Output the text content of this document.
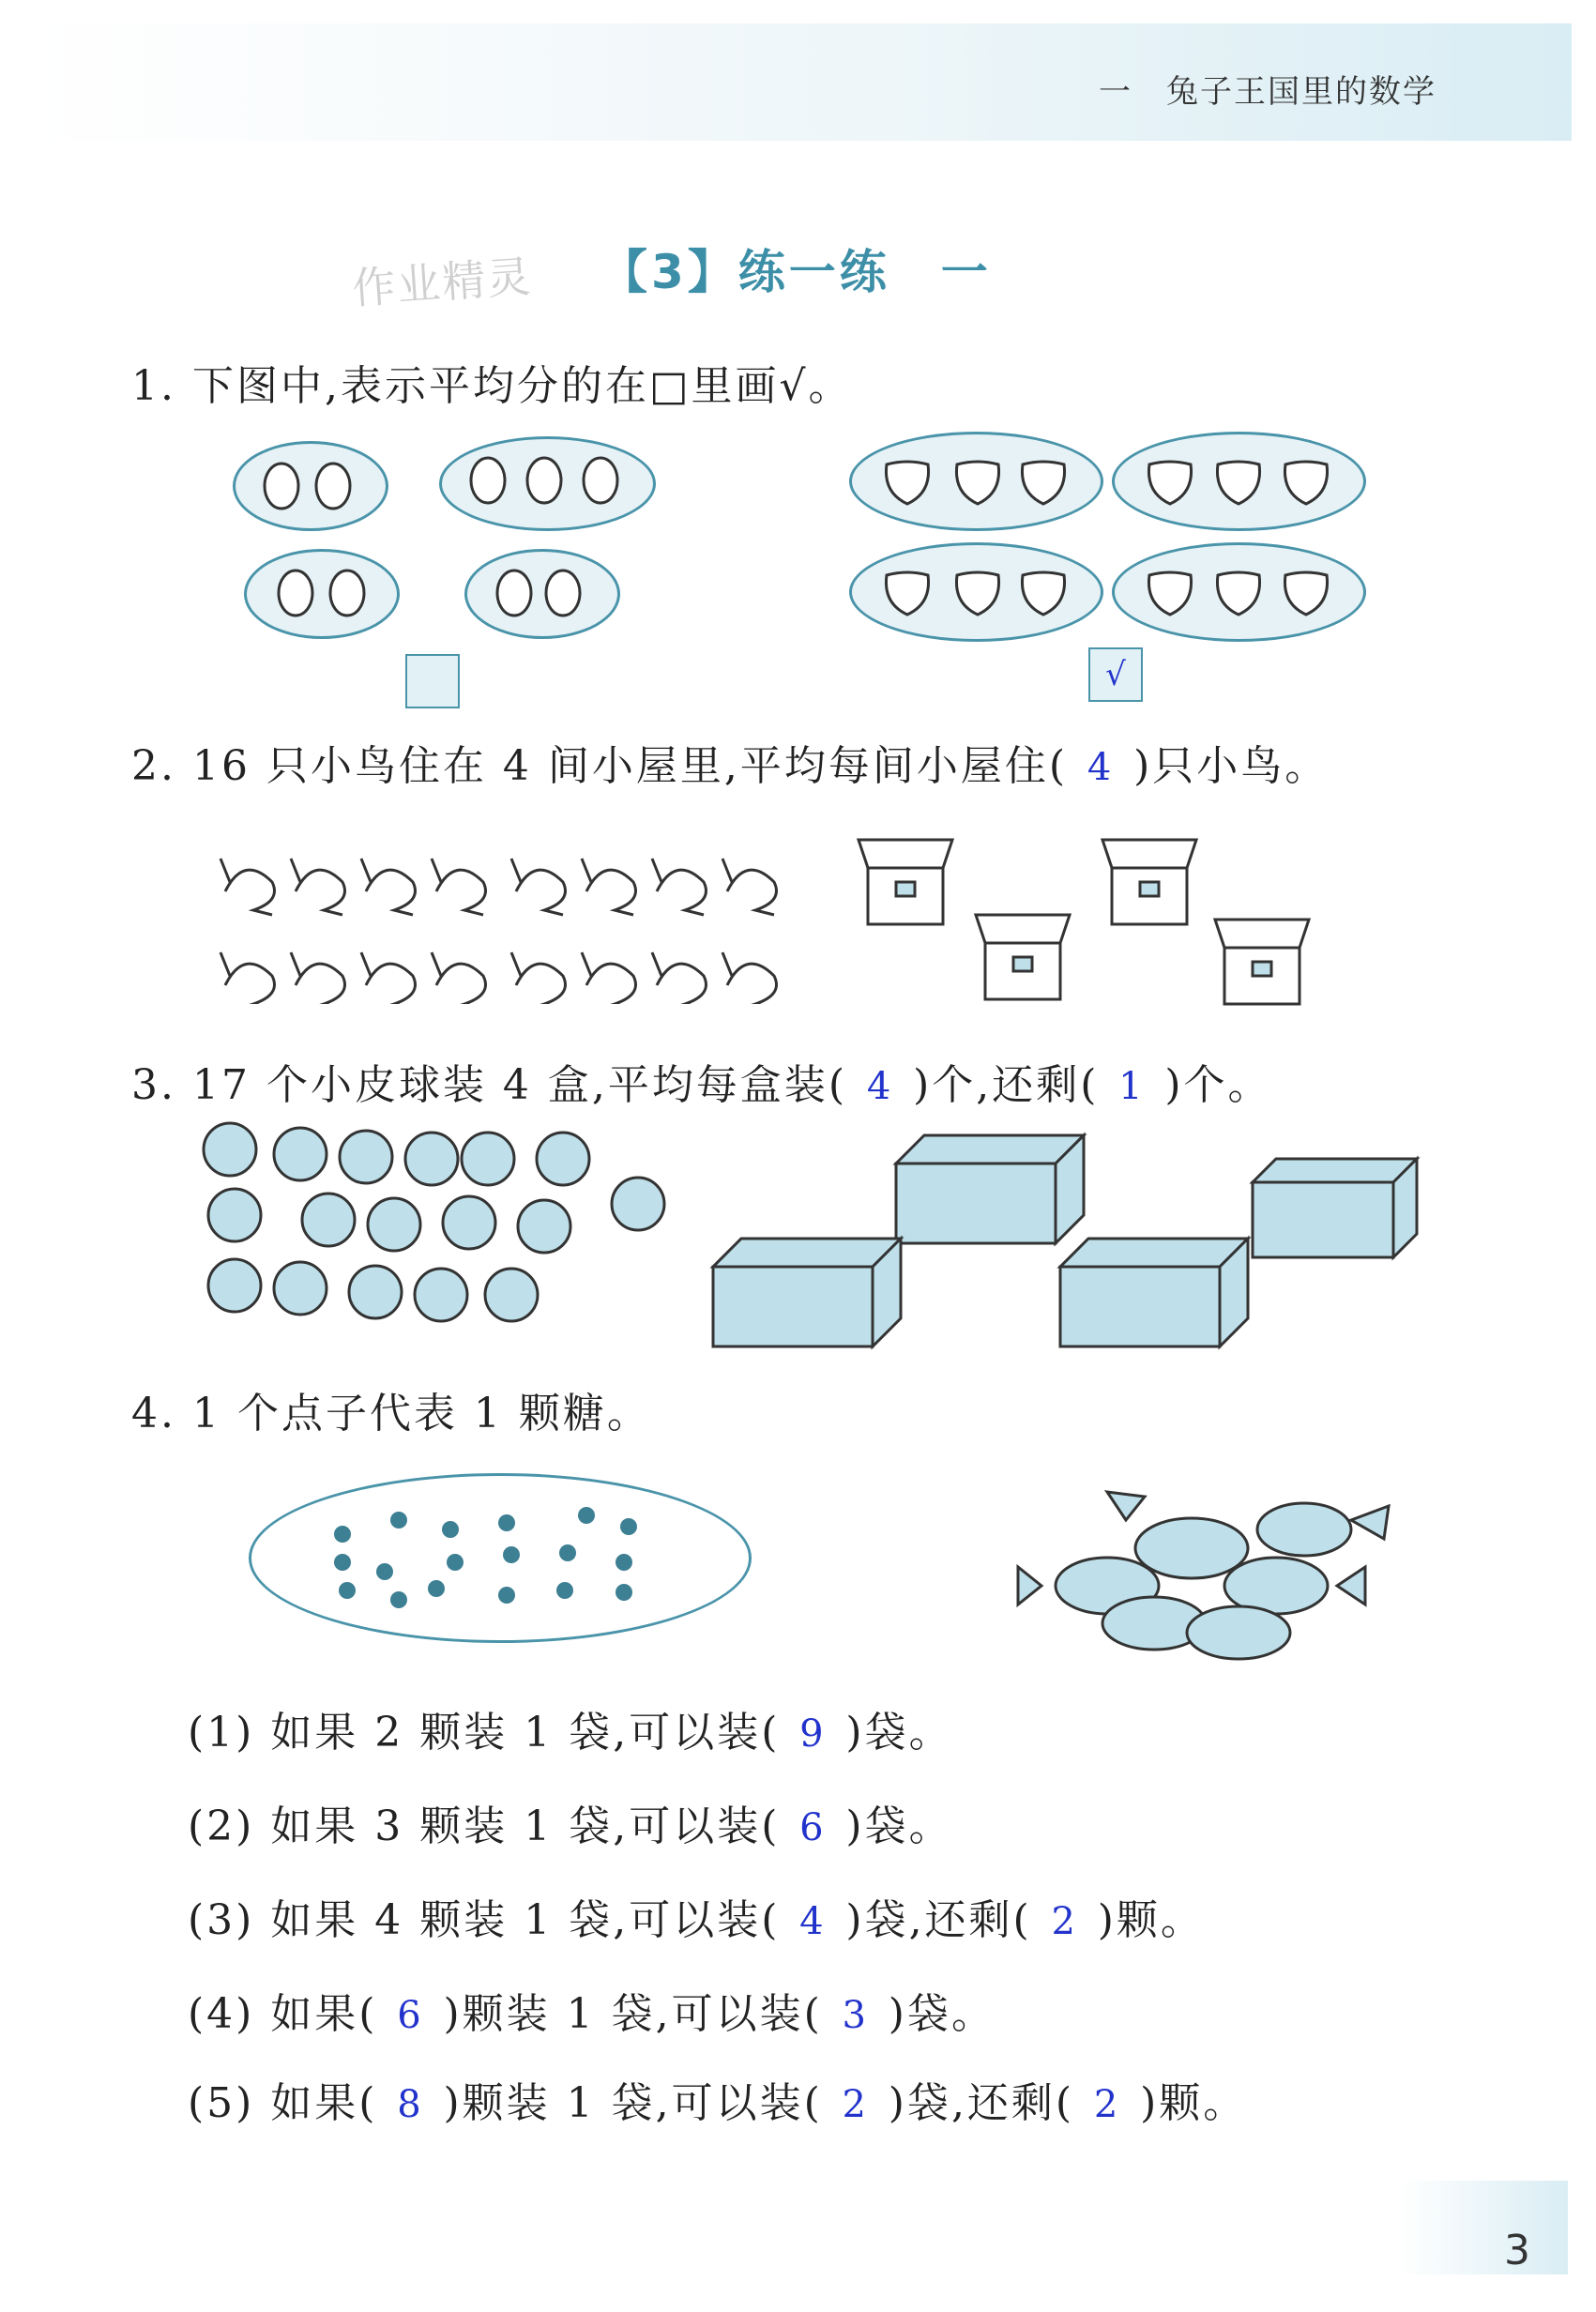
一　兔子王国里的数学
作业精灵 【3】练一练　一
1. 下图中,表示平均分的在□里画√。
√
2. 16 只小鸟住在 4 间小屋里,平均每间小屋住( 4 )只小鸟。
3. 17 个小皮球装 4 盒,平均每盒装( 4 )个,还剩( 1 )个。
4. 1 个点子代表 1 颗糖。
(1) 如果 2 颗装 1 袋,可以装( 9 )袋。
(2) 如果 3 颗装 1 袋,可以装( 6 )袋。
(3) 如果 4 颗装 1 袋,可以装( 4 )袋,还剩( 2 )颗。
(4) 如果( 6 )颗装 1 袋,可以装( 3 )袋。
(5) 如果( 8 )颗装 1 袋,可以装( 2 )袋,还剩( 2 )颗。
3
